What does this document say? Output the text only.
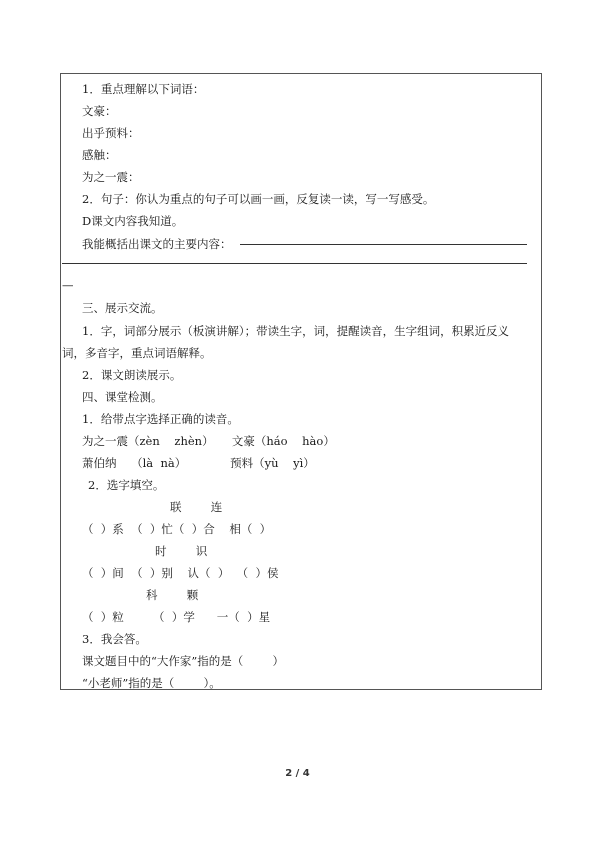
1．重点理解以下词语：
文豪：
出乎预料：
感触：
为之一震：
2．句子：你认为重点的句子可以画一画，反复读一读，写一写感受。
D课文内容我知道。
我能概括出课文的主要内容：
—
三、展示交流。
1．字，词部分展示（板演讲解）；带读生字，词，提醒读音，生字组词，积累近反义
词，多音字，重点词语解释。
2．课文朗读展示。
四、课堂检测。
1．给带点字选择正确的读音。
为之一震（zèn    zhèn）     文豪（háo    hào）
萧伯纳    （là  nà）            预料（yù    yì）
2．选字填空。
联        连
（  ）系  （  ）忙（  ）合    相（  ）
时        识
（  ）间  （  ）别    认（  ）  （  ）侯
科        颗
（  ）粒        （  ）学      一（  ）星
3．我会答。
课文题目中的“大作家”指的是（        ）
“小老师”指的是（        ）。
2 / 4
